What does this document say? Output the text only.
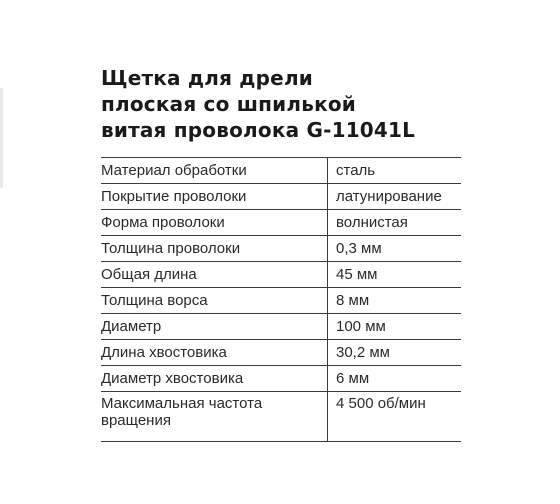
Щетка для дрели
плоская со шпилькой
витая проволока G-11041L
Материал обработки	сталь
Покрытие проволоки	латунирование
Форма проволоки	волнистая
Толщина проволоки	0,3 мм
Общая длина	45 мм
Толщина ворса	8 мм
Диаметр	100 мм
Длина хвостовика	30,2 мм
Диаметр хвостовика	6 мм
Максимальная частота вращения	4 500 об/мин
